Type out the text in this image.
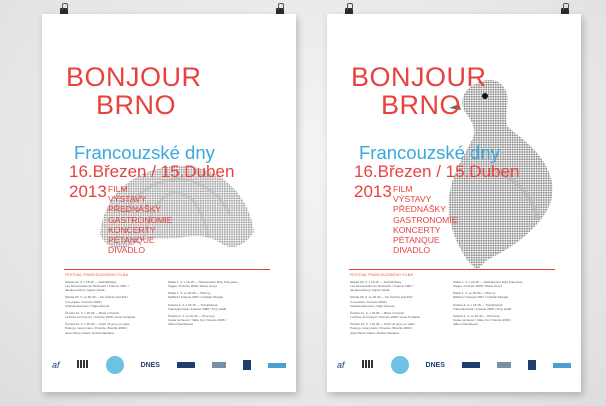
BONJOUR
BRNO
Francouzské dny
16.Březen / 15.Duben
2013 FILM
VÝSTAVY
PŘEDNÁŠKY
GASTRONOMIE
KONCERTY
PÉTANQUE
DIVADLO
FESTIVAL FRANCOUZSKÉHO FILMU
Středa 20. 3. v 18.15 — Sedmikrásky
Les Demoiselles de Rochefort / Francie 1967 /
Jacques Demy, Agnès Varda
Středa 20. 3. ve 20.30 — Do hvězdy pod kůží
Il se passe / Francie 2000 /
Chantal Akerman / Olga Cinema
Čtvrtek 21. 3. v 18.30 — Bitva o Francii
La Prise du Pouvoir / Francie 2009 / Anne Fontaine
Čtvrtek 21. 3. v 20.30 — Když už jsme ve válce
Pokoj je moje jméno / Francie, Brazílie 2009 /
Jean-Pierre Claud, Andréa Santana
Pátek 1. 4. v 18.15 — Nebezpečné libky Françoise
Sagan / Francie 2008 / Diane Kurys
Pátek 1. 4. ve 20.30 — Plán vy
Mefféra / Francie 2007 / Cristian Mungiu
Sobota 2. 4. v 18.15 — Tramplavina
Trampolínovka / Francie 2008 / Tony Gatlif
Sobota 2. 4. ve 20.30 — Přes kop
Cesta na Sever / Valle, Fér, Francie 2006 /
Alibeu Kaurisfeest
af	DNES
BONJOUR
BRNO
Francouzské dny
16.Březen / 15.Duben
2013 FILM
VÝSTAVY
PŘEDNÁŠKY
GASTRONOMIE
KONCERTY
PÉTANQUE
DIVADLO
FESTIVAL FRANCOUZSKÉHO FILMU
Středa 20. 3. v 18.15 — Sedmikrásky
Les Demoiselles de Rochefort / Francie 1967 /
Jacques Demy, Agnès Varda
Středa 20. 3. ve 20.30 — Do hvězdy pod kůží
Il se passe / Francie 2000 /
Chantal Akerman / Olga Cinema
Čtvrtek 21. 3. v 18.30 — Bitva o Francii
La Prise du Pouvoir / Francie 2009 / Anne Fontaine
Čtvrtek 21. 3. v 20.30 — Když už jsme ve válce
Pokoj je moje jméno / Francie, Brazílie 2009 /
Jean-Pierre Claud, Andréa Santana
Pátek 1. 4. v 18.15 — Nebezpečné libky Françoise
Sagan / Francie 2008 / Diane Kurys
Pátek 1. 4. ve 20.30 — Plán vy
Mefféra / Francie 2007 / Cristian Mungiu
Sobota 2. 4. v 18.15 — Tramplavina
Trampolínovka / Francie 2008 / Tony Gatlif
Sobota 2. 4. ve 20.30 — Přes kop
Cesta na Sever / Valle, Fér, Francie 2006 /
Alibeu Kaurisfeest
af	DNES
